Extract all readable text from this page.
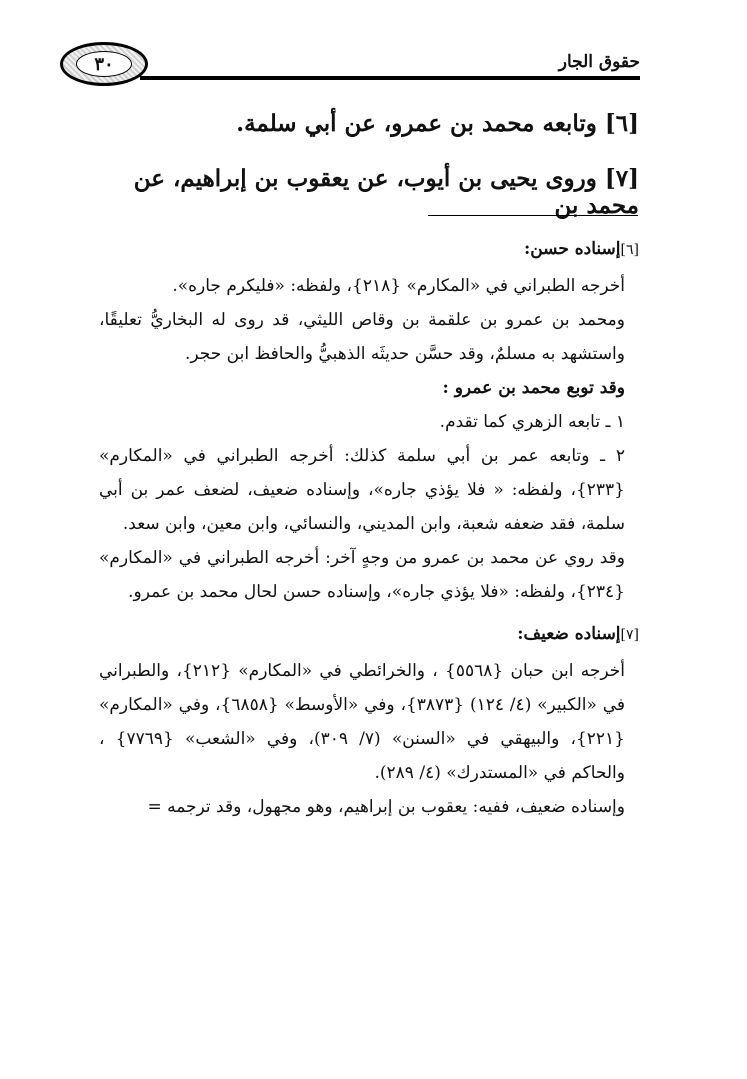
٣٠	حقوق الجار
[٦] وتابعه محمد بن عمرو، عن أبي سلمة.
[٧] وروى يحيى بن أيوب، عن يعقوب بن إبراهيم، عن محمد بن
[٦]إسناده حسن:

أخرجه الطبراني في «المكارم» {٢١٨}، ولفظه: «فليكرم جاره».

ومحمد بن عمرو بن علقمة بن وقاص الليثي، قد روى له البخاريُّ تعليقًا، واستشهد به مسلمٌ، وقد حسَّن حديثَه الذهبيُّ والحافظ ابن حجر.

وقد توبع محمد بن عمرو :

١ ـ تابعه الزهري كما تقدم.

٢ ـ وتابعه عمر بن أبي سلمة كذلك: أخرجه الطبراني في «المكارم» {٢٣٣}، ولفظه: « فلا يؤذي جاره»، وإسناده ضعيف، لضعف عمر بن أبي سلمة، فقد ضعفه شعبة، وابن المديني، والنسائي، وابن معين، وابن سعد.

وقد روي عن محمد بن عمرو من وجهٍ آخر: أخرجه الطبراني في «المكارم» {٢٣٤}، ولفظه: «فلا يؤذي جاره»، وإسناده حسن لحال محمد بن عمرو.

[٧]إسناده ضعيف:

أخرجه ابن حبان {٥٥٦٨} ، والخرائطي في «المكارم» {٢١٢}، والطبراني في «الكبير» (٤/ ١٢٤) {٣٨٧٣}، وفي «الأوسط» {٦٨٥٨}، وفي «المكارم» {٢٢١}، والبيهقي في «السنن» (٧/ ٣٠٩)، وفي «الشعب» {٧٧٦٩} ، والحاكم في «المستدرك» (٤/ ٢٨٩).

وإسناده ضعيف، ففيه: يعقوب بن إبراهيم، وهو مجهول، وقد ترجمه =
